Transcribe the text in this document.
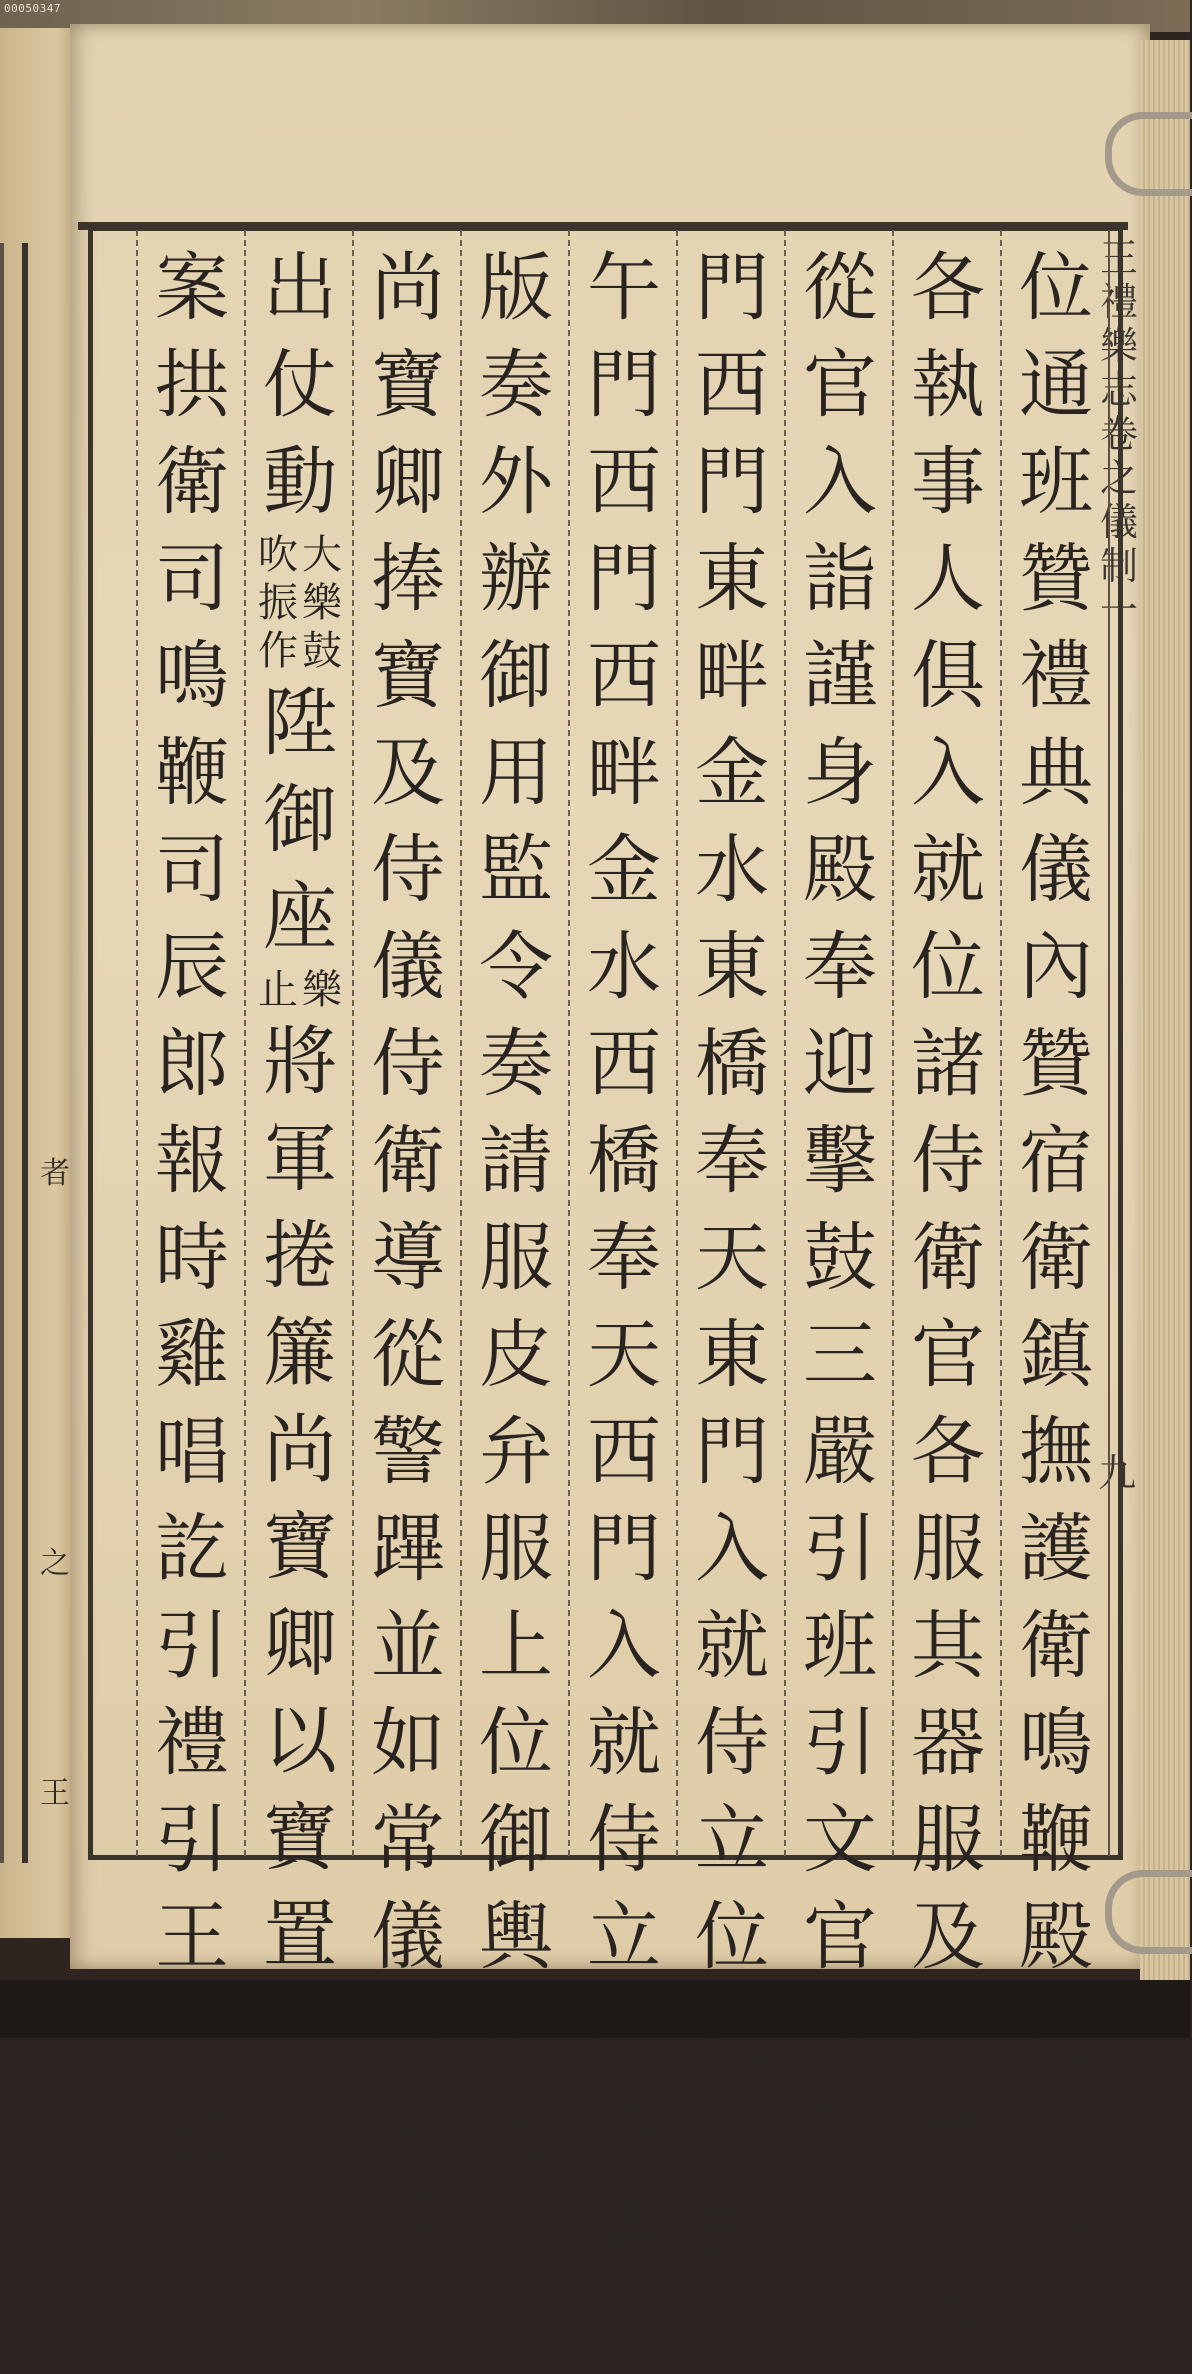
00050347
者
之
王
王
禮
樂
志
卷
之
儀
制
一
九
位
通
班
贊
禮
典
儀
內
贊
宿
衛
鎮
撫
護
衛
鳴
鞭
殿
外
將
軍
各
執
事
人
俱
入
就
位
諸
侍
衛
官
各
服
其
器
服
及
寶
卿
侍
從
官
入
詣
謹
身
殿
奉
迎
擊
鼓
三
嚴
引
班
引
文
官
午
門
西
門
東
畔
金
水
東
橋
奉
天
東
門
入
就
侍
立
位
官
由
午
門
西
門
西
畔
金
水
西
橋
奉
天
西
門
入
就
侍
立
侍
儀
版
奏
外
辦
御
用
監
令
奏
請
服
皮
弁
服
上
位
御
輿
出
尚
寶
卿
捧
寶
及
侍
儀
侍
衛
導
從
警
蹕
並
如
常
儀
帝
將
出
仗
動
大
樂
吹
振
鼓
作
陞
御
座
樂
止
將
軍
捲
簾
尚
寶
卿
以
寶
置
案
拱
衛
司
鳴
鞭
司
辰
郎
報
時
雞
唱
訖
引
禮
引
王
袞
冕
